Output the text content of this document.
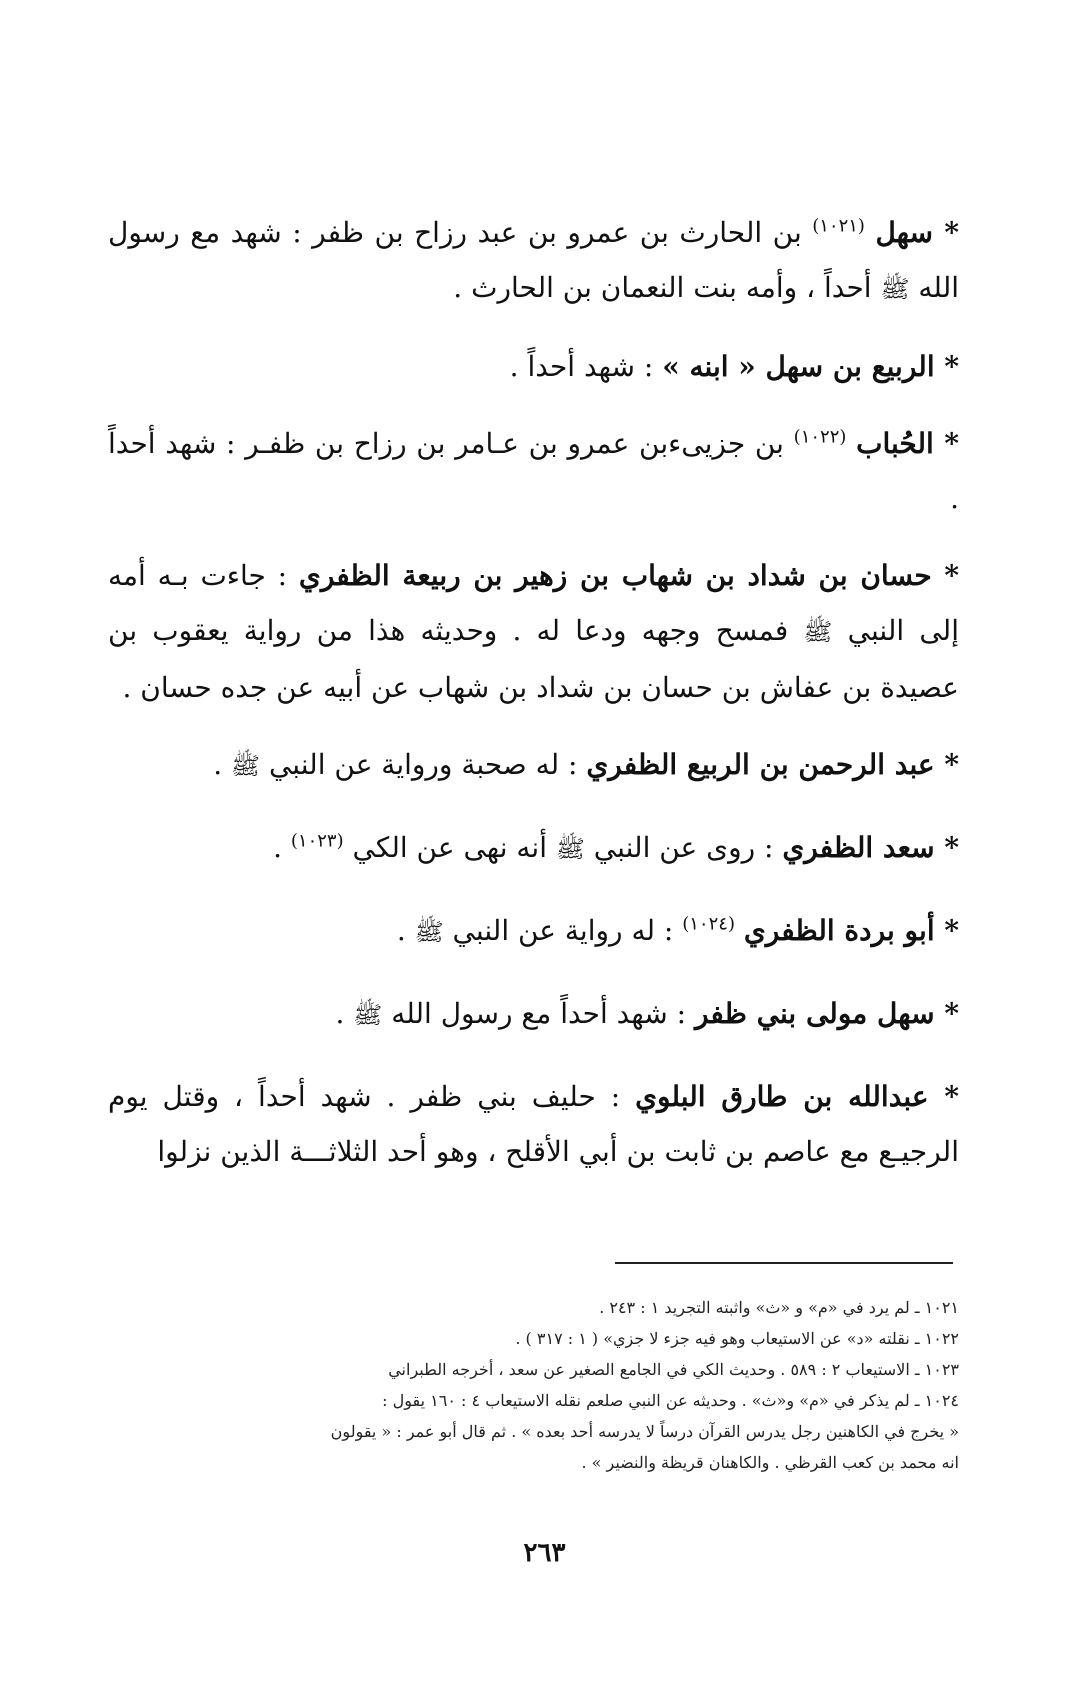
* سهل $^{(١٠٢١)}$ بن الحارث بن عمرو بن عبد رزاح بن ظفر : شهد مع رسول الله ﷺ أحداً ، وأمه بنت النعمان بن الحارث .

* الربيع بن سهل « ابنه » : شهد أحداً .

* الحُباب $^{(١٠٢٢)}$ بن جزيىءبن عمرو بن عـامر بن رزاح بن ظفـر : شهد أحداً .

* حسان بن شداد بن شهاب بن زهير بن ربيعة الظفري : جاءت بـه أمه إلى النبي ﷺ فمسح وجهه ودعا له . وحديثه هذا من رواية يعقوب بن عصيدة بن عفاش بن حسان بن شداد بن شهاب عن أبيه عن جده حسان .

* عبد الرحمن بن الربيع الظفري : له صحبة ورواية عن النبي ﷺ .

* سعد الظفري : روى عن النبي ﷺ أنه نهى عن الكي $^{(١٠٢٣)}$ .

* أبو بردة الظفري $^{(١٠٢٤)}$ : له رواية عن النبي ﷺ .

* سهل مولى بني ظفر : شهد أحداً مع رسول الله ﷺ .

* عبدالله بن طارق البلوي : حليف بني ظفر . شهد أحداً ، وقتل يوم الرجيـع مع عاصم بن ثابت بن أبي الأقلح ، وهو أحد الثلاثـــة الذين نزلوا

١٠٢١ ـ لم يرد في «م» و «ث» واثبته التجريد ١ : ٢٤٣ .
١٠٢٢ ـ نقلته «د» عن الاستيعاب وهو فيه جزء لا جزي» ( ١ : ٣١٧ ) .
١٠٢٣ ـ الاستيعاب ٢ : ٥٨٩ . وحديث الكي في الجامع الصغير عن سعد ، أخرجه الطبراني
١٠٢٤ ـ لم يذكر في «م» و«ث» . وحديثه عن النبي صلعم نقله الاستيعاب ٤ : ١٦٠ يقول :
« يخرج في الكاهنين رجل يدرس القرآن درساً لا يدرسه أحد بعده » . ثم قال أبو عمر : « يقولون
انه محمد بن كعب القرظي . والكاهنان قريظة والنضير » .
٢٦٣
